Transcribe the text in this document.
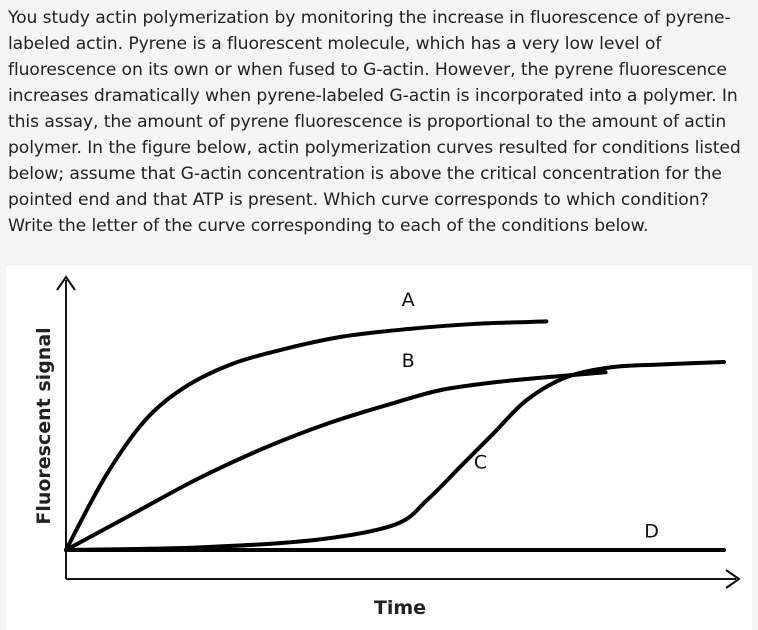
You study actin polymerization by monitoring the increase in fluorescence of pyrene-labeled actin. Pyrene is a fluorescent molecule, which has a very low level of fluorescence on its own or when fused to G-actin. However, the pyrene fluorescence increases dramatically when pyrene-labeled G-actin is incorporated into a polymer. In this assay, the amount of pyrene fluorescence is proportional to the amount of actin polymer. In the figure below, actin polymerization curves resulted for conditions listed below; assume that G-actin concentration is above the critical concentration for the pointed end and that ATP is present. Which curve corresponds to which condition? Write the letter of the curve corresponding to each of the conditions below.

A
B
C
D
Time
Fluorescent signal
